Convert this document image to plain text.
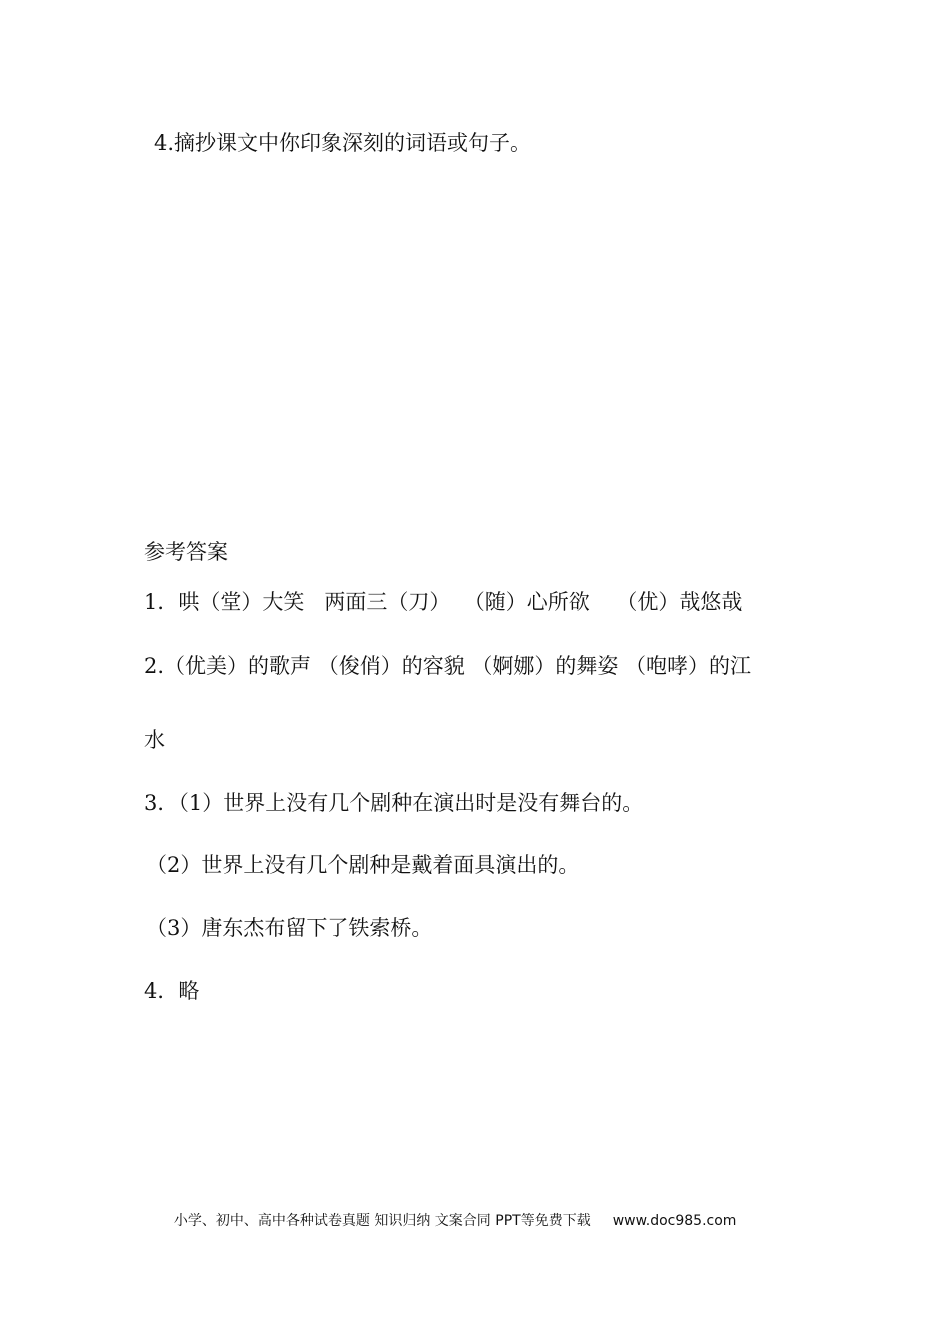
4.摘抄课文中你印象深刻的词语或句子。
参考答案
1．哄（堂）大笑   两面三（刀）  （随）心所欲    （优）哉悠哉
2.（优美）的歌声 （俊俏）的容貌 （婀娜）的舞姿 （咆哮）的江
水
3．（1）世界上没有几个剧种在演出时是没有舞台的。
（2）世界上没有几个剧种是戴着面具演出的。
（3）唐东杰布留下了铁索桥。
4．略

小学、初中、高中各种试卷真题 知识归纳 文案合同 PPT等免费下载 www.doc985.com
